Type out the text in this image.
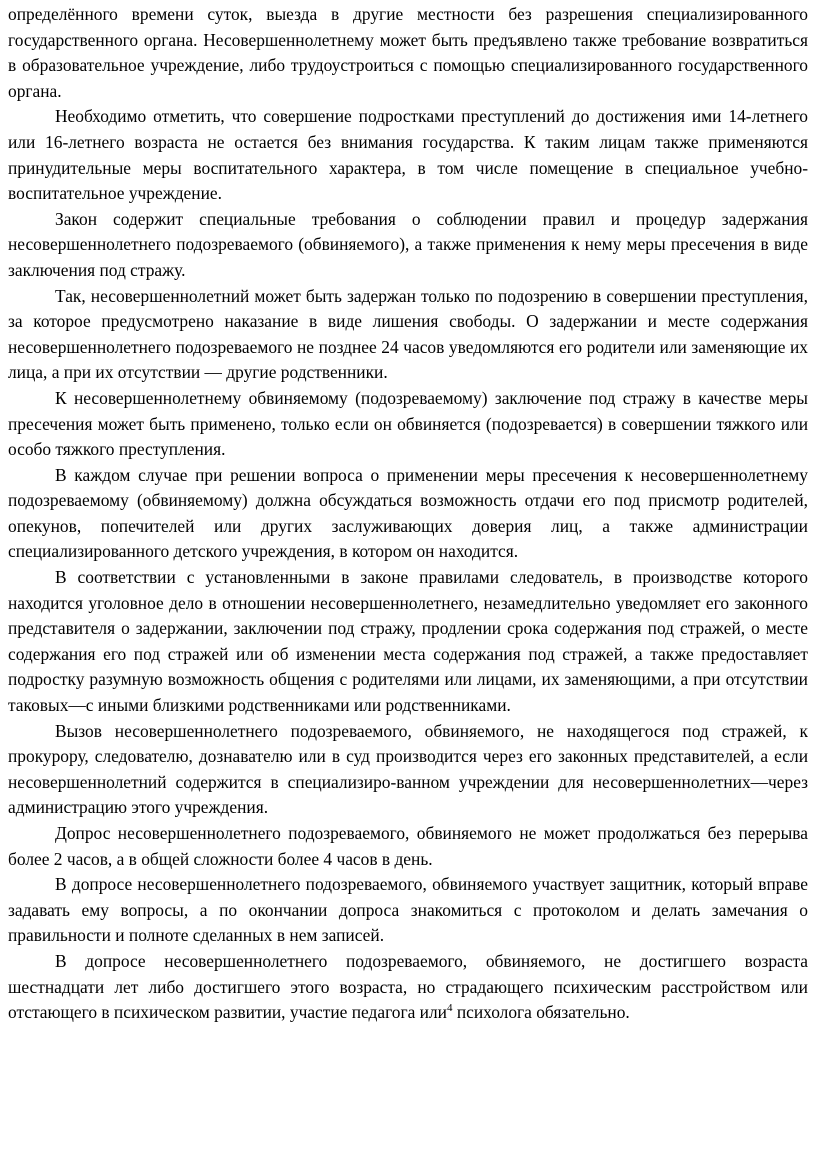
определённого времени суток, выезда в другие местности без разрешения специализированного государственного органа. Несовершеннолетнему может быть предъявлено также требование возвратиться в образовательное учреждение, либо трудоустроиться с помощью специализированного государственного органа.

Необходимо отметить, что совершение подростками преступлений до достижения ими 14-летнего или 16-летнего возраста не остается без внимания государства. К таким лицам также применяются принудительные меры воспитательного характера, в том числе помещение в специальное учебно-воспитательное учреждение.

Закон содержит специальные требования о соблюдении правил и процедур задержания несовершеннолетнего подозреваемого (обвиняемого), а также применения к нему меры пресечения в виде заключения под стражу.

Так, несовершеннолетний может быть задержан только по подозрению в совершении преступления, за которое предусмотрено наказание в виде лишения свободы. О задержании и месте содержания несовершеннолетнего подозреваемого не позднее 24 часов уведомляются его родители или заменяющие их лица, а при их отсутствии — другие родственники.

К несовершеннолетнему обвиняемому (подозреваемому) заключение под стражу в качестве меры пресечения может быть применено, только если он обвиняется (подозревается) в совершении тяжкого или особо тяжкого преступления.

В каждом случае при решении вопроса о применении меры пресечения к несовершеннолетнему подозреваемому (обвиняемому) должна обсуждаться возможность отдачи его под присмотр родителей, опекунов, попечителей или других заслуживающих доверия лиц, а также администрации специализированного детского учреждения, в котором он находится.

В соответствии с установленными в законе правилами следователь, в производстве которого находится уголовное дело в отношении несовершеннолетнего, незамедлительно уведомляет его законного представителя о задержании, заключении под стражу, продлении срока содержания под стражей, о месте содержания его под стражей или об изменении места содержания под стражей, а также предоставляет подростку разумную возможность общения с родителями или лицами, их заменяющими, а при отсутствии таковых—с иными близкими родственниками или родственниками.

Вызов несовершеннолетнего подозреваемого, обвиняемого, не находящегося под стражей, к прокурору, следователю, дознавателю или в суд производится через его законных представителей, а если несовершеннолетний содержится в специализиро-ванном учреждении для несовершеннолетних—через администрацию этого учреждения.

Допрос несовершеннолетнего подозреваемого, обвиняемого не может продолжаться без перерыва более 2 часов, а в общей сложности более 4 часов в день.

В допросе несовершеннолетнего подозреваемого, обвиняемого участвует защитник, который вправе задавать ему вопросы, а по окончании допроса знакомиться с протоколом и делать замечания о правильности и полноте сделанных в нем записей.

В допросе несовершеннолетнего подозреваемого, обвиняемого, не достигшего возраста шестнадцати лет либо достигшего этого возраста, но страдающего психическим расстройством или отстающего в психическом развитии, участие педагога или$^4$ психолога обязательно.
